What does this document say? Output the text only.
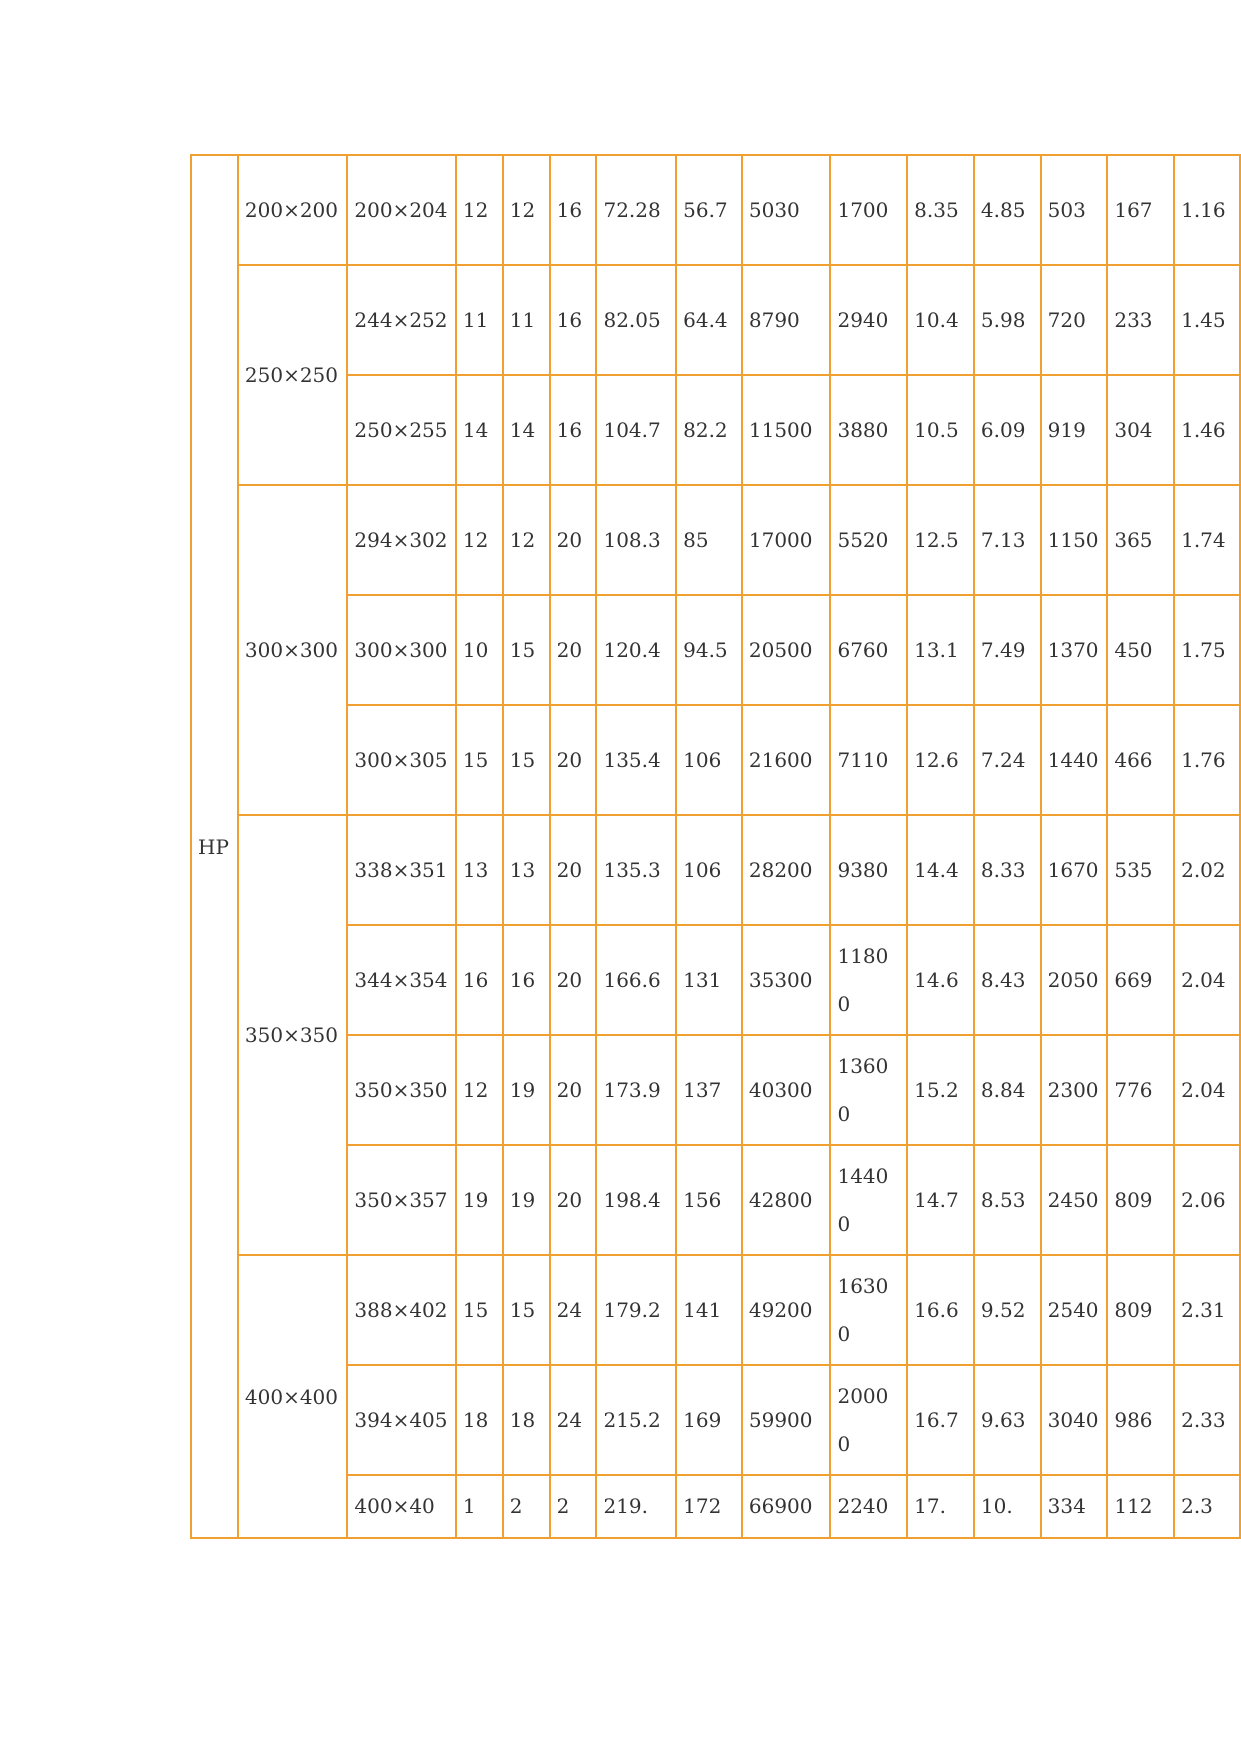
HP	200×200	200×204	12	12	16	72.28	56.7	5030	1700	8.35	4.85	503	167	1.16
	250×250	244×252	11	11	16	82.05	64.4	8790	2940	10.4	5.98	720	233	1.45
		250×255	14	14	16	104.7	82.2	11500	3880	10.5	6.09	919	304	1.46
	300×300	294×302	12	12	20	108.3	85	17000	5520	12.5	7.13	1150	365	1.74
		300×300	10	15	20	120.4	94.5	20500	6760	13.1	7.49	1370	450	1.75
		300×305	15	15	20	135.4	106	21600	7110	12.6	7.24	1440	466	1.76
	350×350	338×351	13	13	20	135.3	106	28200	9380	14.4	8.33	1670	535	2.02
		344×354	16	16	20	166.6	131	35300	11800	14.6	8.43	2050	669	2.04
		350×350	12	19	20	173.9	137	40300	13600	15.2	8.84	2300	776	2.04
		350×357	19	19	20	198.4	156	42800	14400	14.7	8.53	2450	809	2.06
	400×400	388×402	15	15	24	179.2	141	49200	16300	16.6	9.52	2540	809	2.31
		394×405	18	18	24	215.2	169	59900	20000	16.7	9.63	3040	986	2.33
		400×40	1	2	2	219.	172	66900	2240	17.	10.	334	112	2.3
